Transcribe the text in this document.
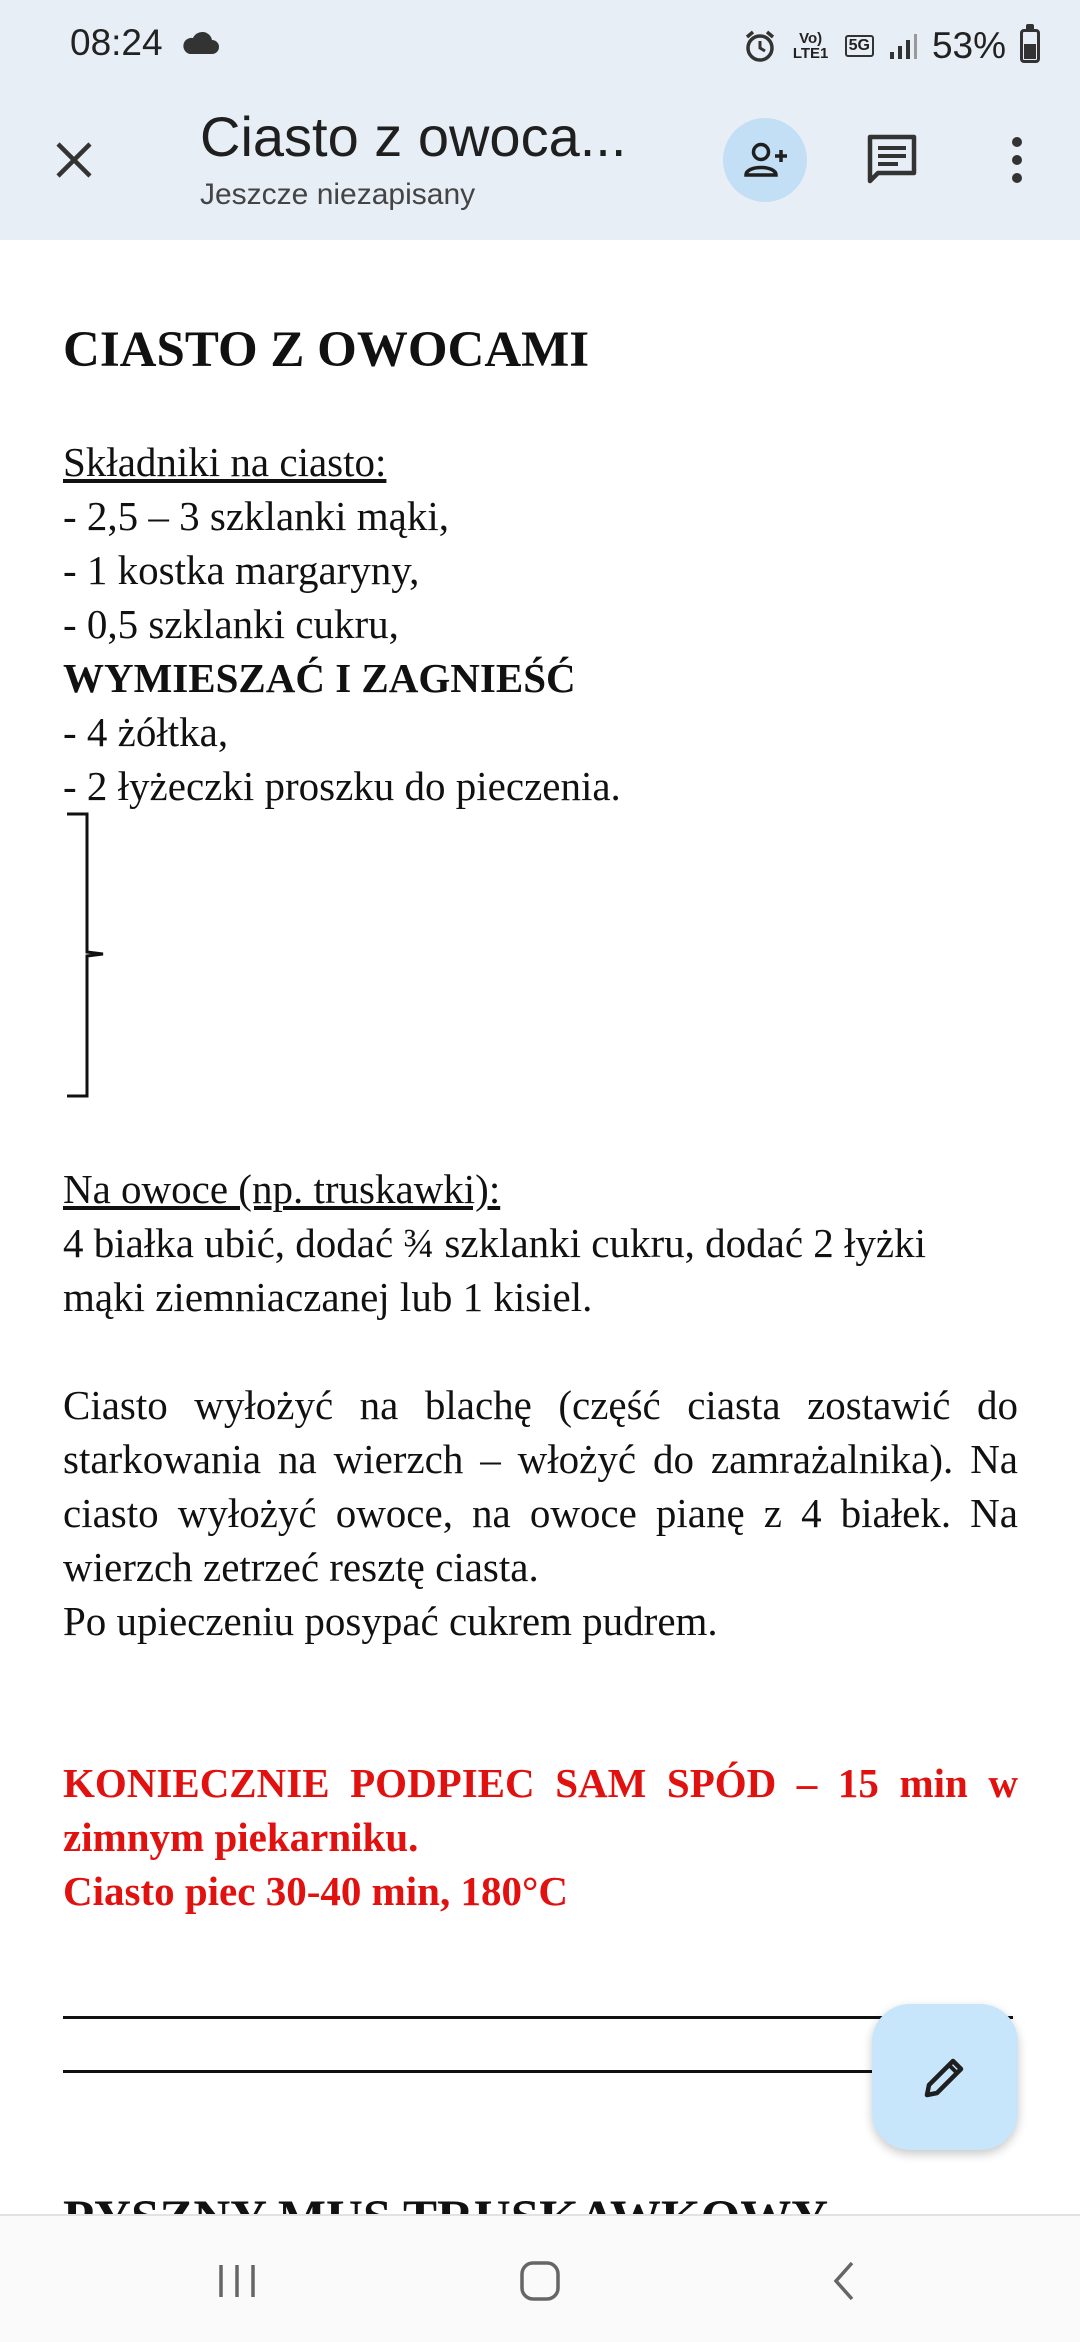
08:24	Vo) LTE1 5G 53%
Ciasto z owoca...
Jeszcze niezapisany

CIASTO Z OWOCAMI

Składniki na ciasto:

- 2,5 – 3 szklanki mąki,

- 1 kostka margaryny,

- 0,5 szklanki cukru,

WYMIESZAĆ I ZAGNIEŚĆ

- 4 żółtka,

- 2 łyżeczki proszku do pieczenia.

Na owoce (np. truskawki):

4 białka ubić, dodać ¾ szklanki cukru, dodać 2 łyżki mąki ziemniaczanej lub 1 kisiel.

Ciasto wyłożyć na blachę (część ciasta zostawić do starkowania na wierzch – włożyć do zamrażalnika). Na ciasto wyłożyć owoce, na owoce pianę z 4 białek. Na wierzch zetrzeć resztę ciasta.

Po upieczeniu posypać cukrem pudrem.

KONIECZNIE PODPIEC SAM SPÓD – 15 min w zimnym piekarniku.

Ciasto piec 30-40 min, 180°C
